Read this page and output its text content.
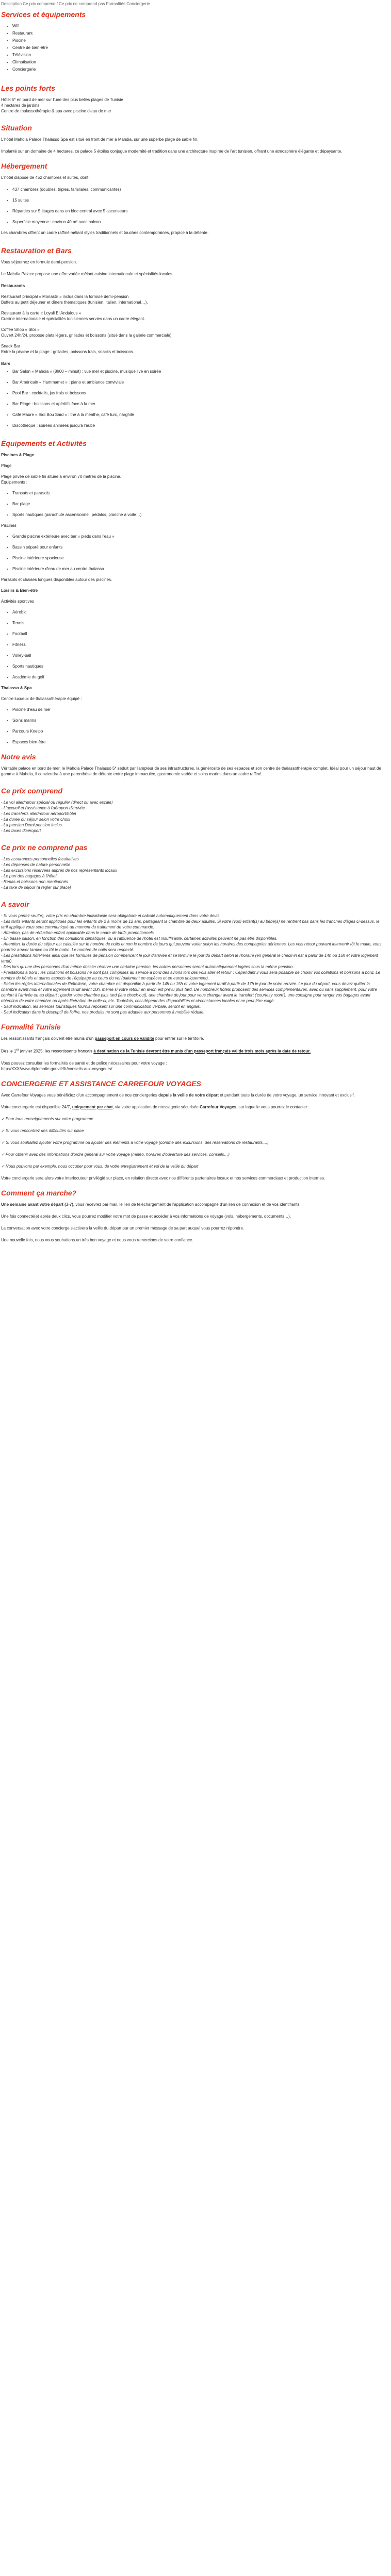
Description Ce prix comprend / Ce prix ne comprend pas Formalités Conciergerie
Services et équipements
• Wifi
• Restaurant
• Piscine
• Centre de bien-être
• Télévision
• Climatisation
• Conciergerie
Les points forts
Hôtel 5* en bord de mer sur l'une des plus belles plages de Tunisie
4 hectares de jardins
Centre de thalassothérapie & spa avec piscine d'eau de mer
Situation

L'hôtel Mahdia Palace Thalasso Spa est situé en front de mer à Mahdia, sur une superbe plage de sable fin.

Implanté sur un domaine de 4 hectares, ce palace 5 étoiles conjugue modernité et tradition dans une architecture inspirée de l'art tunisien, offrant une atmosphère élégante et dépaysante.

Hébergement

L'hôtel dispose de 452 chambres et suites, dont :

• 437 chambres (doubles, triples, familiales, communicantes)
• 15 suites
• Réparties sur 5 étages dans un bloc central avec 5 ascenseurs
• Superficie moyenne : environ 40 m² avec balcon

Les chambres offrent un cadre raffiné mêlant styles traditionnels et touches contemporaines, propice à la détente.

Restauration et Bars

Vous séjournez en formule demi-pension.

Le Mahdia Palace propose une offre variée mêlant cuisine internationale et spécialités locales.

Restaurants

Restaurant principal « Monastir » inclus dans la formule demi-pension
Buffets au petit déjeuner et dîners thématiques (tunisien, italien, international…).

Restaurant à la carte « Loyali El Andalous »
Cuisine internationale et spécialités tunisiennes servies dans un cadre élégant.

Coffee Shop « Stor »
Ouvert 24h/24, propose plats légers, grillades et boissons (situé dans la galerie commerciale).

Snack Bar
Entre la piscine et la plage : grillades, poissons frais, snacks et boissons.

Bars
• Bar Salon « Mahdia » (8h00 – minuit) : vue mer et piscine, musique live en soirée
• Bar Américain « Hammamet » : piano et ambiance conviviale
• Pool Bar : cocktails, jus frais et boissons
• Bar Plage : boissons et apéritifs face à la mer
• Café Maure « Sidi Bou Saïd » : thé à la menthe, café turc, narghilé
• Discothèque : soirées animées jusqu'à l'aube
Équipements et Activités
Piscines & Plage

Plage

Plage privée de sable fin située à environ 70 mètres de la piscine.

Équipements :

• Transats et parasols
• Bar plage
• Sports nautiques (parachute ascensionnel, pédalos, planche à voile…)

Piscines

• Grande piscine extérieure avec bar « pieds dans l'eau »
• Bassin séparé pour enfants
• Piscine intérieure spacieuse
• Piscine intérieure d'eau de mer au centre thalasso

Parasols et chaises longues disponibles autour des piscines.

Loisirs & Bien-être

Activités sportives

• Aérobic
• Tennis
• Football
• Fitness
• Volley-ball
• Sports nautiques
• Académie de golf
Thalasso & Spa

Centre luxueux de thalassothérapie équipé :

• Piscine d'eau de mer
• Soins marins
• Parcours Kneipp
• Espaces bien-être
Notre avis

Véritable palace en bord de mer, le Mahdia Palace Thalasso 5* séduit par l'ampleur de ses infrastructures, la générosité de ses espaces et son centre de thalassothérapie complet. Idéal pour un séjour haut de gamme à Mahdia, il conviendra à une parenthèse de détente entre plage immaculée, gastronomie variée et soins marins dans un cadre raffiné.

Ce prix comprend
- Le vol aller/retour spécial ou régulier (direct ou avec escale)
- L'accueil et l'assistance à l'aéroport d'arrivée
- Les transferts aller/retour aéroport/hôtel
- La durée du séjour selon votre choix
- La pension Demi pension inclus
- Les taxes d'aéroport
Ce prix ne comprend pas
- Les assurances personnelles facultatives
- Les dépenses de nature personnelle
- Les excursions réservées auprès de nos représentants locaux
- Le port des bagages à l'hôtel
- Repas et boissons non mentionnés
- La taxe de séjour (à régler sur place)
A savoir
- Si vous partez seul(e), votre prix en chambre individuelle sera obligatoire et calculé automatiquement dans votre devis.
- Les tarifs enfants seront appliqués pour les enfants de 2 à moins de 12 ans, partageant la chambre de deux adultes. Si votre (vos) enfant(s) au bébé(s) ne rentrent pas dans les tranches d'âges ci-dessus, le tarif appliqué vous sera communiqué au moment du traitement de votre commande.
- Attention, pas de réduction enfant applicable dans le cadre de tarifs promotionnels.
- En basse saison, en fonction des conditions climatiques, ou à l'affluence de l'hôtel est insuffisante, certaines activités peuvent ne pas être disponibles.
- Attention, la durée du séjour est calculée sur le nombre de nuits et non le nombre de jours qui peuvent varier selon les horaires des compagnies aériennes. Les vols retour pouvant intervenir tôt le matin, vous pourriez arriver tardive ou tôt le matin. Le nombre de nuits sera respecté.
- Les prestations hôtelières ainsi que les formules de pension commencent le jour d'arrivée et se termine le jour du départ selon le l'horaire (en général le check-in est à partir de 14h ou 15h et votre logement tardif).
- Dès lors qu'une des personnes d'un même dossier réserve une certaine pension, les autres personnes seront automatiquement logées sous la même pension.
- Prestations à bord : les collations et boissons ne sont pas comprises au service à bord des avions lors des vols aller et retour ; Cependant il vous sera possible de choisir vos collations et boissons à bord. Le nombre de hôtels et autres aspects de l'équipage au cours du vol (paiement en espèces et en euros uniquement).
- Selon les règles internationales de l'hôtellerie, votre chambre est disponible à partir de 14h ou 15h et votre logement tardif à partir de 17h le jour de votre arrivée. Le jour du départ, vous devez quitter la chambre avant midi et votre logement tardif avant 10h, même si votre retour en avion est prévu plus tard. De nombreux hôtels proposent des services complémentaires, avec ou sans supplément, pour votre confort à l'arrivée ou au départ : garder votre chambre plus tard (late check-out), une chambre de jour pour vous changer avant le transfert ('courtesy room'), une consigne pour ranger vos bagages avant obtention de votre chambre ou après libération de celle-ci, etc. Toutefois, ceci dépend des disponibilités et circonstances locales et ne peut être exigé.
- Sauf indication, les services touristiques fournis reposent sur une communication verbale, seront en anglais.
- Sauf indication dans le descriptif de l'offre, nos produits ne sont pas adaptés aux personnes à mobilité réduite.
Formalité Tunisie

Les ressortissants français doivent être munis d'un passeport en cours de validité pour entrer sur le territoire.

Dès le 1er janvier 2025, les ressortissants français à destination de la Tunisie devront être munis d'un passeport français valide trois mois après la date de retour.

Vous pouvez consulter les formalités de santé et de police nécessaires pour votre voyage :
http://XXX/www.diplomatie.gouv.fr/fr/conseils-aux-voyageurs/

CONCIERGERIE ET ASSISTANCE CARREFOUR VOYAGES

Avec Carrefour Voyages vous bénéficiez d'un accompagnement de nos conciergeries depuis la veille de votre départ et pendant toute la durée de votre voyage, un service innovant et exclusif.

Votre conciergerie est disponible 24/7, uniquement par chat, via votre application de messagerie sécurisée Carrefour Voyages, sur laquelle vous pourrez le contacter :

✓ Pour tous renseignements sur votre programme

✓ Si vous rencontrez des difficultés sur place

✓ Si vous souhaitez ajouter votre programme ou ajouter des éléments à votre voyage (comme des excursions, des réservations de restaurants,...)

✓ Pour obtenir avec des informations d'ordre général sur votre voyage (météo, horaires d'ouverture des services, conseils…)

✓ Nous pouvons par exemple, nous occuper pour vous, de votre enregistrement et vol de la veille du départ

Votre conciergerie sera alors votre interlocuteur privilégié sur place, en relation directe avec nos différents partenaires locaux et nos services commerciaux et production internes.

Comment ça marche?

Une semaine avant votre départ (J-7), vous recevrez par mail, le lien de téléchargement de l'application accompagné d'un lien de connexion et de vos identifiants.

Une fois connecté(e) après deux clics, vous pourrez modifier votre mot de passe et accéder à vos informations de voyage (vols, hébergements, documents…).

La conversation avec votre concierge s'activera la veille du départ par un premier message de sa part auquel vous pourrez répondre.

Une nouvelle fois, nous vous souhaitons un très bon voyage et nous vous remercions de votre confiance.
